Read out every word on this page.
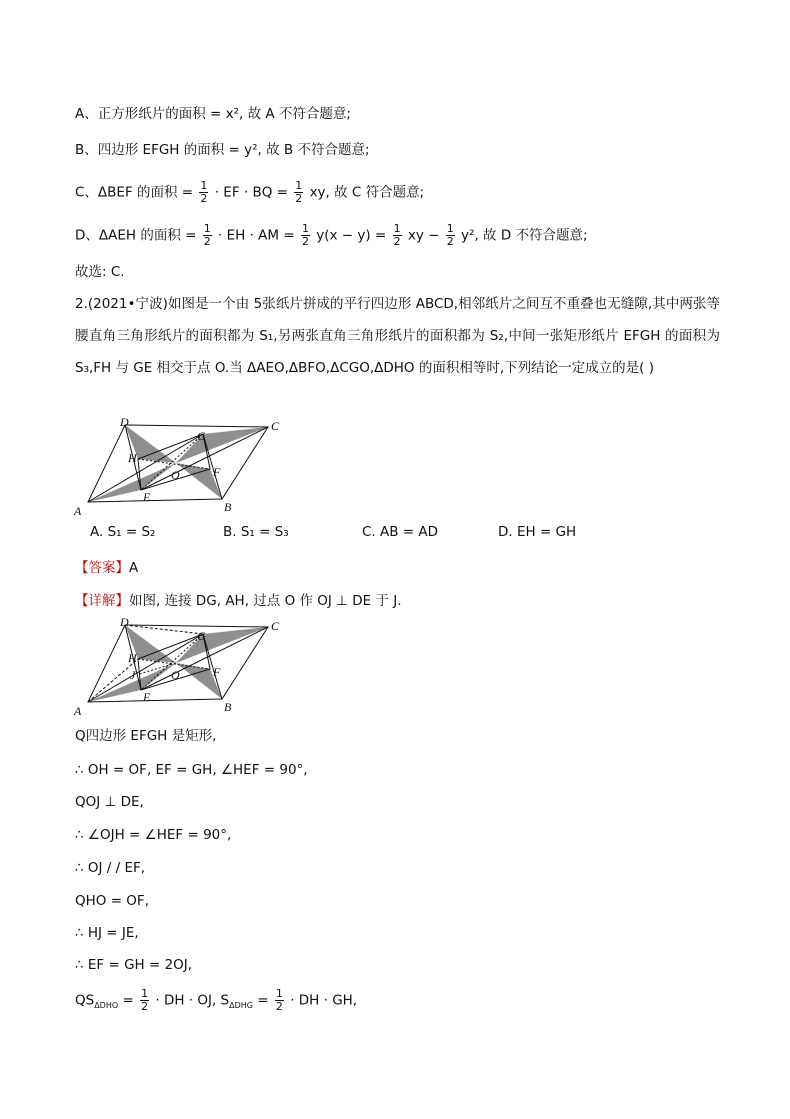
A、正方形纸片的面积 = x², 故 A 不符合题意;
B、四边形 EFGH 的面积 = y², 故 B 不符合题意;
C、ΔBEF 的面积 = $\frac{1}{2}$ · EF · BQ = $\frac{1}{2}$ xy, 故 C 符合题意;
D、ΔAEH 的面积 = $\frac{1}{2}$ · EH · AM = $\frac{1}{2} y(x - y) = \frac{1}{2}$ xy − $\frac{1}{2} y^2$, 故 D 不符合题意;
故选: C.
2.(2021•宁波)如图是一个由 5张纸片拼成的平行四边形 ABCD,相邻纸片之间互不重叠也无缝隙,其中两张等腰直角三角形纸片的面积都为 S₁,另两张直角三角形纸片的面积都为 S₂,中间一张矩形纸片 EFGH 的面积为 S₃,FH 与 GE 相交于点 O.当 ΔAEO,ΔBFO,ΔCGO,ΔDHO 的面积相等时,下列结论一定成立的是( )
A	B
C
D
E
F
G
H
O
A. S₁ = S₂	B. S₁ = S₃	C. AB = AD	D. EH = GH
【答案】A
【详解】如图, 连接 DG, AH, 过点 O 作 OJ ⊥ DE 于 J.
A	B
C
D
E
F
G
H
O
J
Q四边形 EFGH 是矩形,
∴ OH = OF, EF = GH, ∠HEF = 90°,
QOJ ⊥ DE,
∴ ∠OJH = ∠HEF = 90°,
∴ OJ / / EF,
QHO = OF,
∴ HJ = JE,
∴ EF = GH = 2OJ,
$QS_{\Delta DHO} = \frac{1}{2}$ · DH · OJ, $S_{\Delta DHG} = \frac{1}{2}$ · DH · GH,
